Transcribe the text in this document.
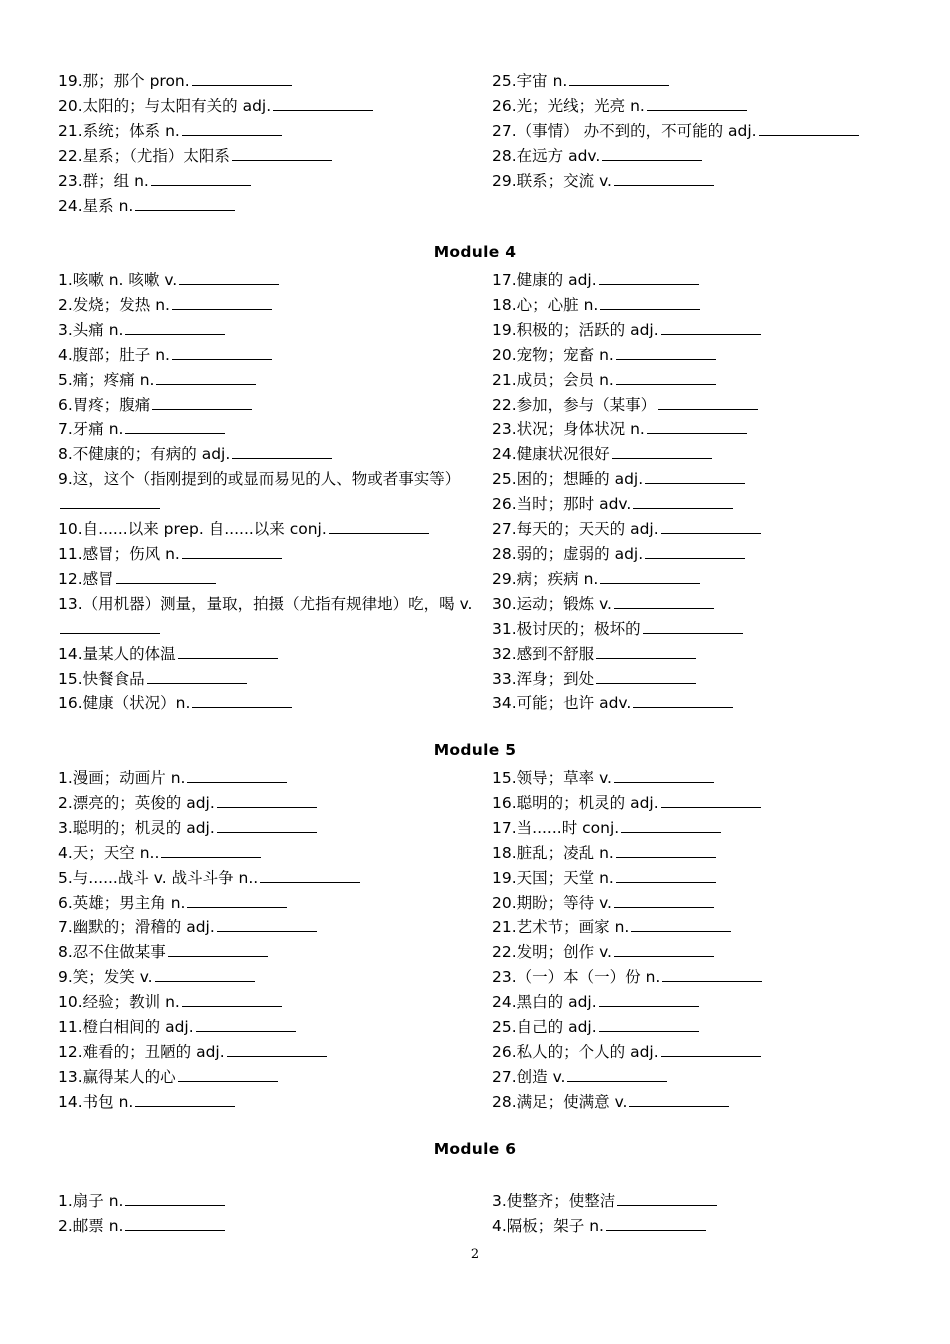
19.那；那个 pron.
20.太阳的；与太阳有关的 adj.
21.系统；体系 n.
22.星系；（尤指）太阳系
23.群；组 n.
24.星系 n.
25.宇宙 n.
26.光；光线；光亮 n.
27.（事情） 办不到的，不可能的 adj.
28.在远方 adv.
29.联系；交流 v.
Module 4
1.咳嗽 n. 咳嗽 v.
2.发烧；发热 n.
3.头痛 n.
4.腹部；肚子 n.
5.痛；疼痛 n.
6.胃疼；腹痛
7.牙痛 n.
8.不健康的；有病的 adj.
9.这，这个（指刚提到的或显而易见的人、物或者事实等）
10.自......以来 prep. 自......以来 conj.
11.感冒；伤风 n.
12.感冒
13.（用机器）测量，量取，拍摄（尤指有规律地）吃，喝 v.
14.量某人的体温
15.快餐食品
16.健康（状况）n.
17.健康的 adj.
18.心；心脏 n.
19.积极的；活跃的 adj.
20.宠物；宠畜 n.
21.成员；会员 n.
22.参加，参与（某事）
23.状况；身体状况 n.
24.健康状况很好
25.困的；想睡的 adj.
26.当时；那时 adv.
27.每天的；天天的 adj.
28.弱的；虚弱的 adj.
29.病；疾病 n.
30.运动；锻炼 v.
31.极讨厌的；极坏的
32.感到不舒服
33.浑身；到处
34.可能；也许 adv.
Module 5
1.漫画；动画片 n.
2.漂亮的；英俊的 adj.
3.聪明的；机灵的 adj.
4.天；天空 n..
5.与......战斗 v. 战斗斗争 n..
6.英雄；男主角 n.
7.幽默的；滑稽的 adj.
8.忍不住做某事
9.笑；发笑 v.
10.经验；教训 n.
11.橙白相间的 adj.
12.难看的；丑陋的 adj.
13.赢得某人的心
14.书包 n.
15.领导；草率 v.
16.聪明的；机灵的 adj.
17.当......时 conj.
18.脏乱；凌乱 n.
19.天国；天堂 n.
20.期盼；等待 v.
21.艺术节；画家 n.
22.发明；创作 v.
23.（一）本（一）份 n.
24.黑白的 adj.
25.自己的 adj.
26.私人的；个人的 adj.
27.创造 v.
28.满足；使满意 v.
Module 6
1.扇子 n.
2.邮票 n.
3.使整齐；使整洁
4.隔板；架子 n.
2
